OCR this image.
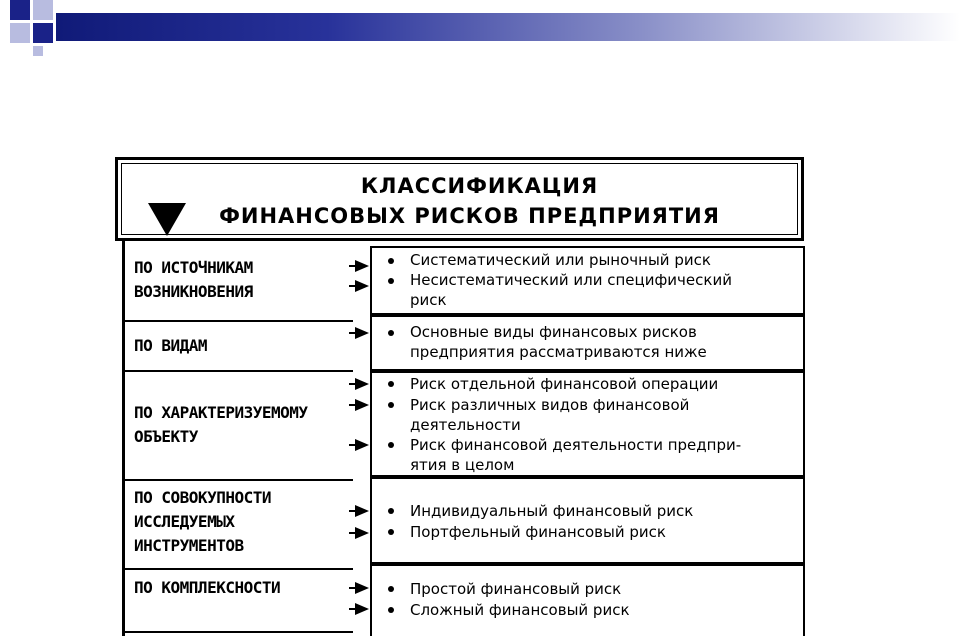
КЛАССИФИКАЦИЯ
ФИНАНСОВЫХ РИСКОВ ПРЕДПРИЯТИЯ
ПО ИСТОЧНИКАМ
ВОЗНИКНОВЕНИЯ
Систематический или рыночный риск
Несистематический или специфический
риск
ПО ВИДАМ
Основные виды финансовых рисков
предприятия рассматриваются ниже
ПО ХАРАКТЕРИЗУЕМОМУ
ОБЪЕКТУ
Риск отдельной финансовой операции
Риск различных видов финансовой
деятельности
Риск финансовой деятельности предпри-
ятия в целом
ПО СОВОКУПНОСТИ
ИССЛЕДУЕМЫХ
ИНСТРУМЕНТОВ
Индивидуальный финансовый риск
Портфельный финансовый риск
ПО КОМПЛЕКСНОСТИ	Простой финансовый риск
Сложный финансовый риск
